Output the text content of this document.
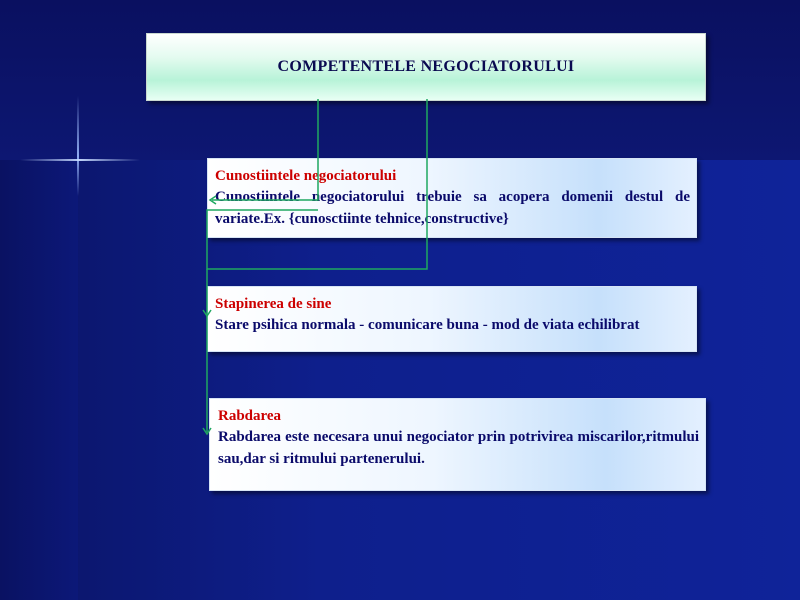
COMPETENTELE NEGOCIATORULUI
Cunostiintele negociatorului
Cunostiintele negociatorului trebuie sa acopera domenii destul de variate.Ex. {cunosctiinte tehnice,constructive}
Stapinerea de sine
Stare psihica normala - comunicare buna - mod de viata echilibrat
Rabdarea
Rabdarea este necesara unui negociator prin potrivirea miscarilor,ritmului sau,dar si ritmului partenerului.
